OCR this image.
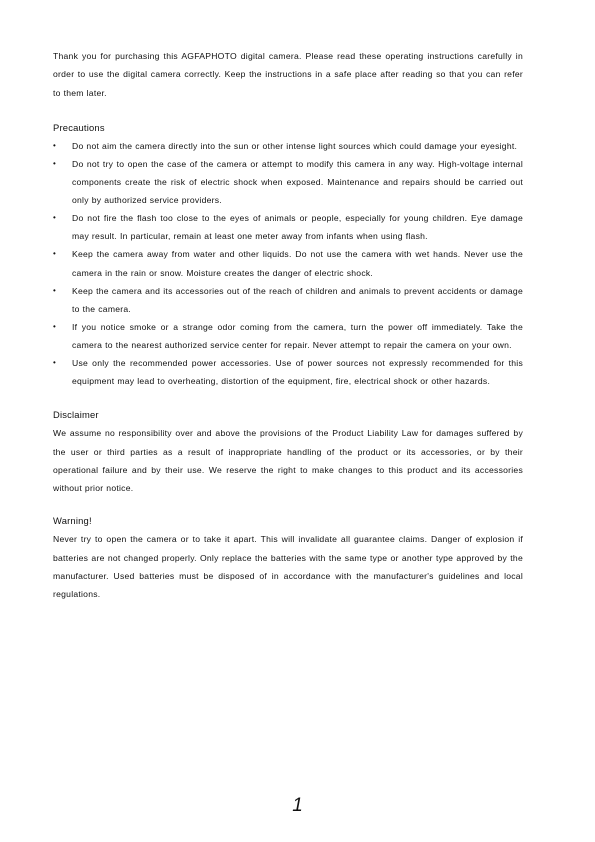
Thank you for purchasing this AGFAPHOTO digital camera. Please read these operating instructions carefully in order to use the digital camera correctly. Keep the instructions in a safe place after reading so that you can refer to them later.

Precautions
• Do not aim the camera directly into the sun or other intense light sources which could damage your eyesight.
• Do not try to open the case of the camera or attempt to modify this camera in any way. High-voltage internal components create the risk of electric shock when exposed. Maintenance and repairs should be carried out only by authorized service providers.
• Do not fire the flash too close to the eyes of animals or people, especially for young children. Eye damage may result. In particular, remain at least one meter away from infants when using flash.
• Keep the camera away from water and other liquids. Do not use the camera with wet hands. Never use the camera in the rain or snow. Moisture creates the danger of electric shock.
• Keep the camera and its accessories out of the reach of children and animals to prevent accidents or damage to the camera.
• If you notice smoke or a strange odor coming from the camera, turn the power off immediately. Take the camera to the nearest authorized service center for repair. Never attempt to repair the camera on your own.
• Use only the recommended power accessories. Use of power sources not expressly recommended for this equipment may lead to overheating, distortion of the equipment, fire, electrical shock or other hazards.
Disclaimer

We assume no responsibility over and above the provisions of the Product Liability Law for damages suffered by the user or third parties as a result of inappropriate handling of the product or its accessories, or by their operational failure and by their use. We reserve the right to make changes to this product and its accessories without prior notice.

Warning!

Never try to open the camera or to take it apart. This will invalidate all guarantee claims. Danger of explosion if batteries are not changed properly. Only replace the batteries with the same type or another type approved by the manufacturer. Used batteries must be disposed of in accordance with the manufacturer's guidelines and local regulations.

1
